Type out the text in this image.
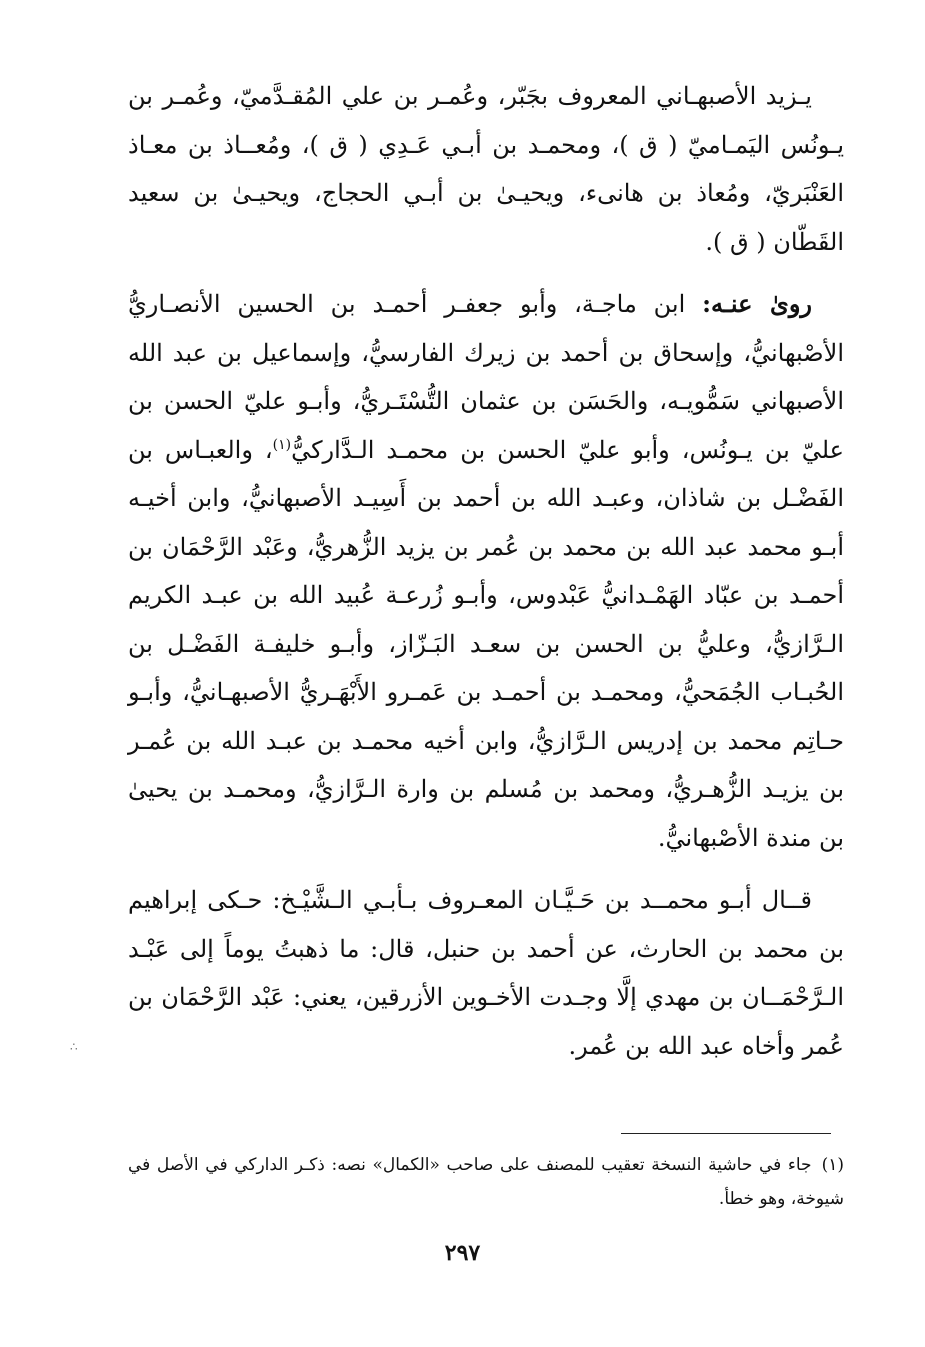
يـزيد الأصبهـاني المعروف بجَبّر، وعُمـر بن علي المُقـدَّميّ، وعُمـر بن يـونُس اليَمـاميّ ( ق )، ومحمـد بن أبـي عَـدِي ( ق )، ومُعــاذ بن معـاذ العَنْبَريّ، ومُعاذ بن هانىء، ويحيـىٰ بن أبـي الحجاج، ويحيـىٰ بن سعيد القَطّان ( ق ).

روىٰ عنـه: ابن ماجـة، وأبو جعفـر أحمـد بن الحسين الأنصـاريُّ الأصْبهانيُّ، وإسحاق بن أحمد بن زيرك الفارسيُّ، وإسماعيل بن عبد الله الأصبهاني سَمُّويـه، والحَسَن بن عثمان التُّسْتَـريُّ، وأبـو عليّ الحسن بن عليّ بن يـونُس، وأبو عليّ الحسن بن محمـد الـدَّاركيُّ$^{(١)}$، والعبـاس بن الفَضْـل بن شاذان، وعبـد الله بن أحمد بن أَسِيـد الأصبهانيُّ، وابن أخيـه أبـو محمد عبد الله بن محمد بن عُمر بن يزيد الزُّهريُّ، وعَبْد الرَّحْمَان بن أحمـد بن عبّاد الهَمْـدانيُّ عَبْدوس، وأبـو زُرعـة عُبيد الله بن عبـد الكريم الـرَّازيُّ، وعليُّ بن الحسن بن سعـد البَـزّاز، وأبـو خليفـة الفَضْـل بن الحُبـاب الجُمَحيُّ، ومحمـد بن أحمـد بن عَمـرو الأَبْهَـريُّ الأصبهـانيُّ، وأبـو حـاتِم محمد بن إدريس الـرَّازيُّ، وابن أخيه محمـد بن عبـد الله بن عُمـر بن يزيـد الزُّهـريُّ، ومحمد بن مُسلم بن وارة الـرَّازيُّ، ومحمـد بن يحيىٰ بن مندة الأصْبهانيُّ.

قــال أبـو محمــد بن حَـيَّـان المعـروف بـأبـي الـشَّيْـخ: حـكى إبراهيم بن محمد بن الحارث، عن أحمد بن حنبل، قال: ما ذهبتُ يوماً إلى عَبْـد الـرَّحْمَــان بن مهدي إلَّا وجـدت الأخـوين الأزرقين، يعني: عَبْد الرَّحْمَان بن عُمر وأخاه عبد الله بن عُمر.

∴
(١)جاء في حاشية النسخة تعقيب للمصنف على صاحب «الكمال» نصه: ذكـر الداركي في الأصل في شيوخة، وهو خطأ.
٢٩٧
